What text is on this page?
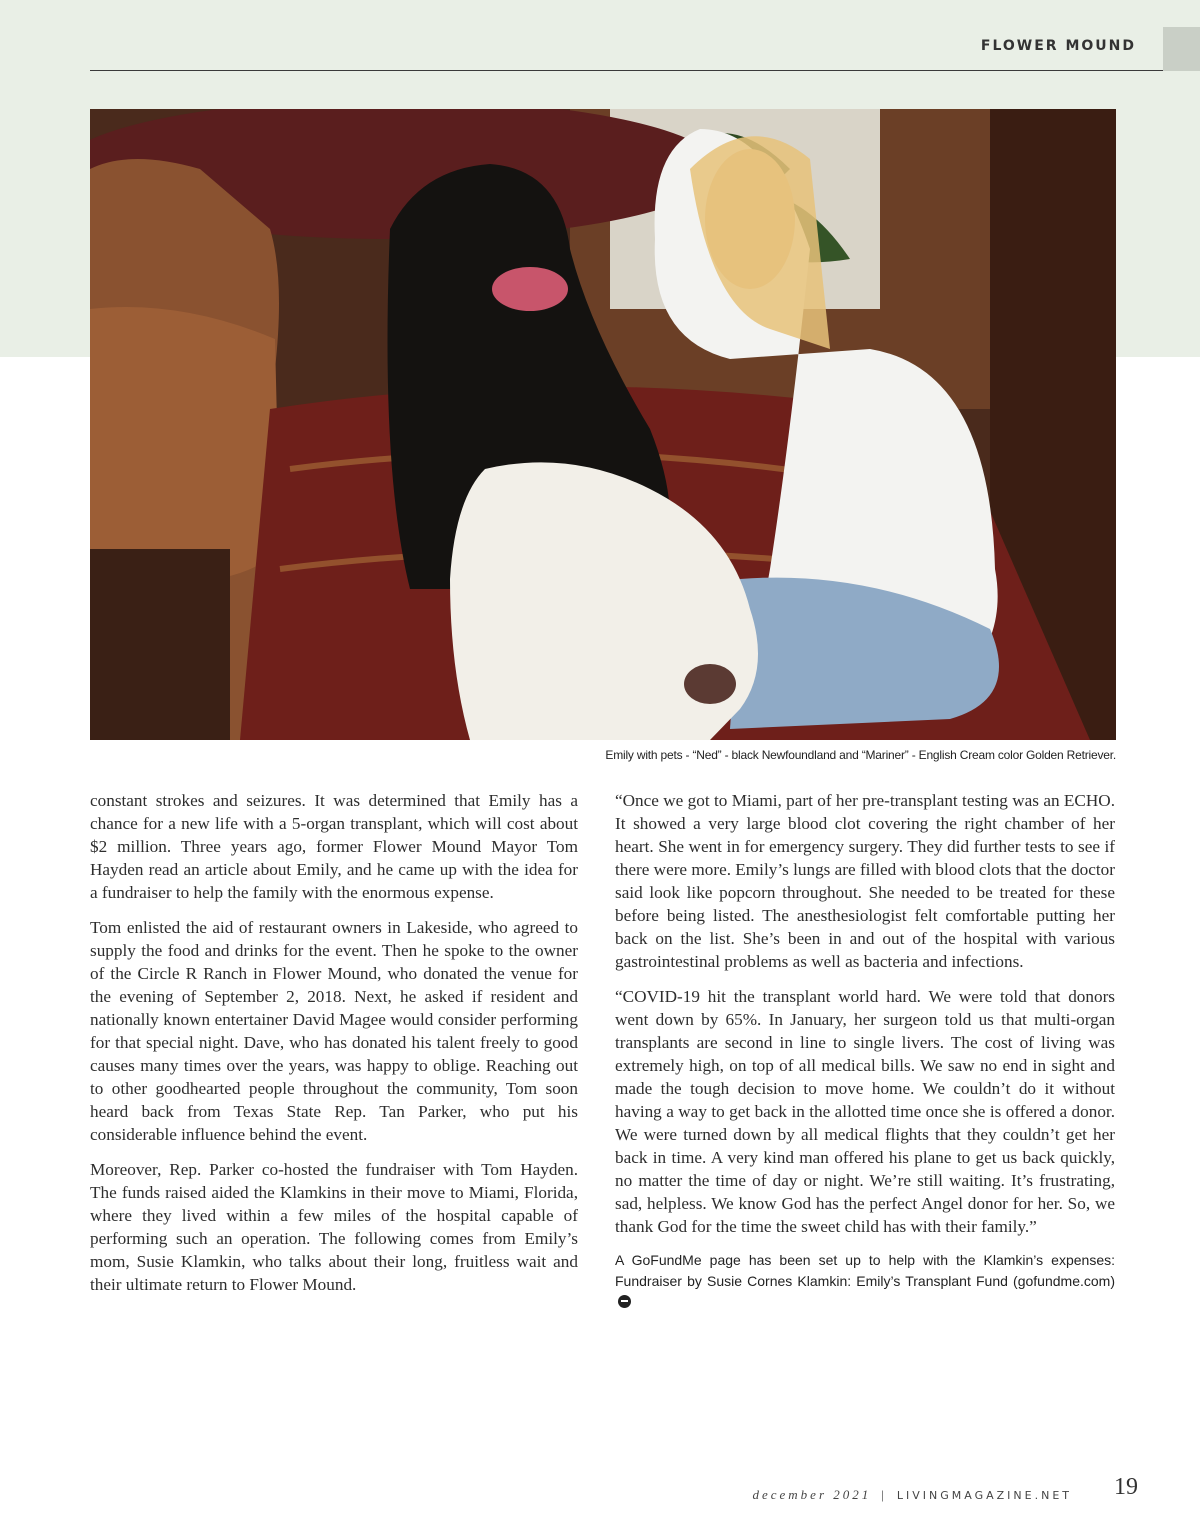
FLOWER MOUND
Emily with pets - “Ned” - black Newfoundland and “Mariner” - English Cream color Golden Retriever.

constant strokes and seizures. It was determined that Emily has a chance for a new life with a 5-organ transplant, which will cost about $2 million. Three years ago, former Flower Mound Mayor Tom Hayden read an article about Emily, and he came up with the idea for a fundraiser to help the family with the enormous expense.

Tom enlisted the aid of restaurant owners in Lakeside, who agreed to supply the food and drinks for the event. Then he spoke to the owner of the Circle R Ranch in Flower Mound, who donated the venue for the evening of September 2, 2018. Next, he asked if resident and nationally known entertainer David Magee would consider performing for that special night. Dave, who has donated his talent freely to good causes many times over the years, was happy to oblige. Reaching out to other goodhearted people throughout the community, Tom soon heard back from Texas State Rep. Tan Parker, who put his considerable influence behind the event.

Moreover, Rep. Parker co-hosted the fundraiser with Tom Hayden. The funds raised aided the Klamkins in their move to Miami, Florida, where they lived within a few miles of the hospital capable of performing such an operation. The following comes from Emily’s mom, Susie Klamkin, who talks about their long, fruitless wait and their ultimate return to Flower Mound.

“Once we got to Miami, part of her pre-transplant testing was an ECHO. It showed a very large blood clot covering the right chamber of her heart. She went in for emergency surgery. They did further tests to see if there were more. Emily’s lungs are filled with blood clots that the doctor said look like popcorn throughout. She needed to be treated for these before being listed. The anesthesiologist felt comfortable putting her back on the list. She’s been in and out of the hospital with various gastrointestinal problems as well as bacteria and infections.

“COVID-19 hit the transplant world hard. We were told that donors went down by 65%. In January, her surgeon told us that multi-organ transplants are second in line to single livers. The cost of living was extremely high, on top of all medical bills. We saw no end in sight and made the tough decision to move home. We couldn’t do it without having a way to get back in the allotted time once she is offered a donor. We were turned down by all medical flights that they couldn’t get her back in time. A very kind man offered his plane to get us back quickly, no matter the time of day or night. We’re still waiting. It’s frustrating, sad, helpless. We know God has the perfect Angel donor for her. So, we thank God for the time the sweet child has with their family.”

A GoFundMe page has been set up to help with the Klamkin’s expenses: Fundraiser by Susie Cornes Klamkin: Emily’s Transplant Fund (gofundme.com)
december 2021 | LIVINGMAGAZINE.NET 19
